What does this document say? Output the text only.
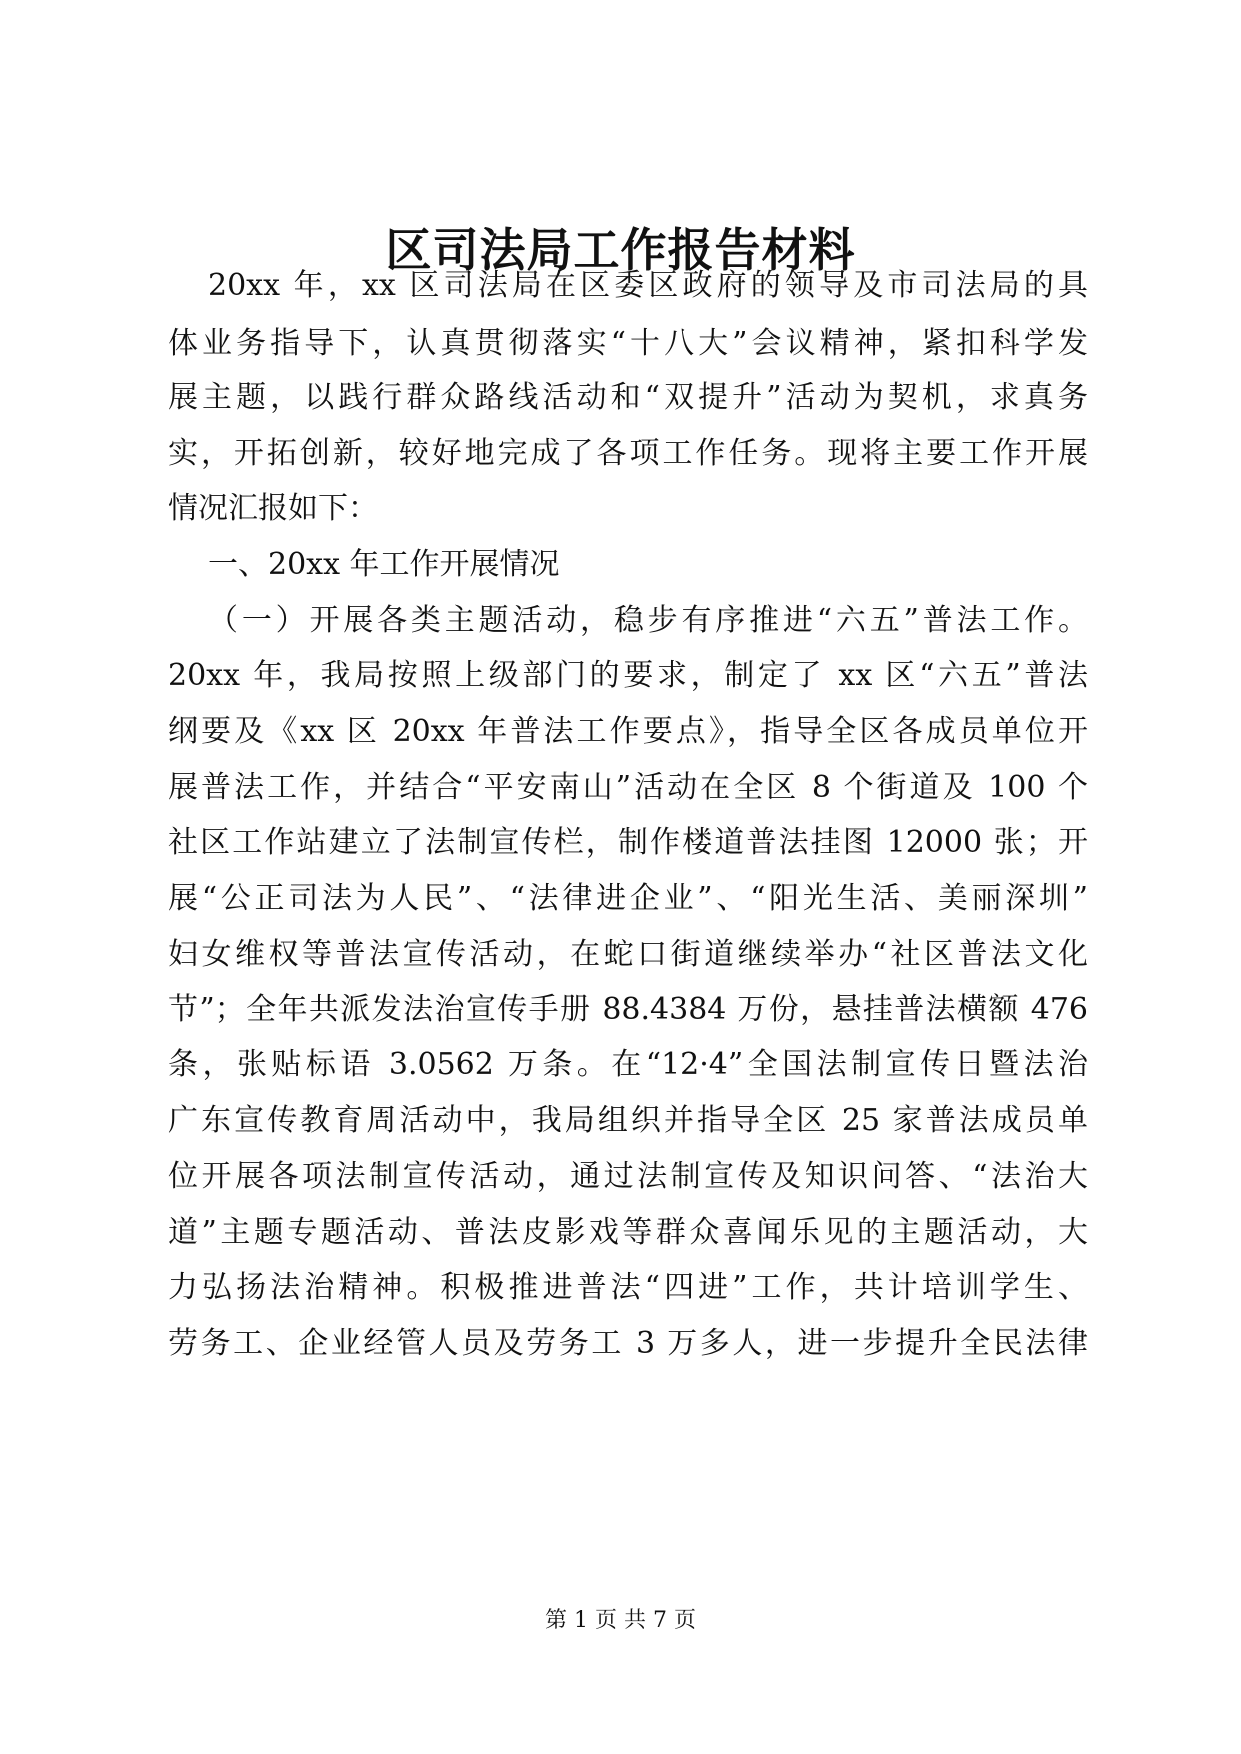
区司法局工作报告材料
20xx 年，xx 区司法局在区委区政府的领导及市司法局的具
体业务指导下，认真贯彻落实“十八大”会议精神，紧扣科学发
展主题，以践行群众路线活动和“双提升”活动为契机，求真务
实，开拓创新，较好地完成了各项工作任务。现将主要工作开展
情况汇报如下：
一、20xx 年工作开展情况
（一）开展各类主题活动，稳步有序推进“六五”普法工作。
20xx 年，我局按照上级部门的要求，制定了 xx 区“六五”普法
纲要及《xx 区 20xx 年普法工作要点》，指导全区各成员单位开
展普法工作，并结合“平安南山”活动在全区 8 个街道及 100 个
社区工作站建立了法制宣传栏，制作楼道普法挂图 12000 张；开
展“公正司法为人民”、“法律进企业”、“阳光生活、美丽深圳”
妇女维权等普法宣传活动，在蛇口街道继续举办“社区普法文化
节”；全年共派发法治宣传手册 88.4384 万份，悬挂普法横额 476
条，张贴标语 3.0562 万条。在“12·4”全国法制宣传日暨法治
广东宣传教育周活动中，我局组织并指导全区 25 家普法成员单
位开展各项法制宣传活动，通过法制宣传及知识问答、“法治大
道”主题专题活动、普法皮影戏等群众喜闻乐见的主题活动，大
力弘扬法治精神。积极推进普法“四进”工作，共计培训学生、
劳务工、企业经管人员及劳务工 3 万多人，进一步提升全民法律
第 1 页 共 7 页
